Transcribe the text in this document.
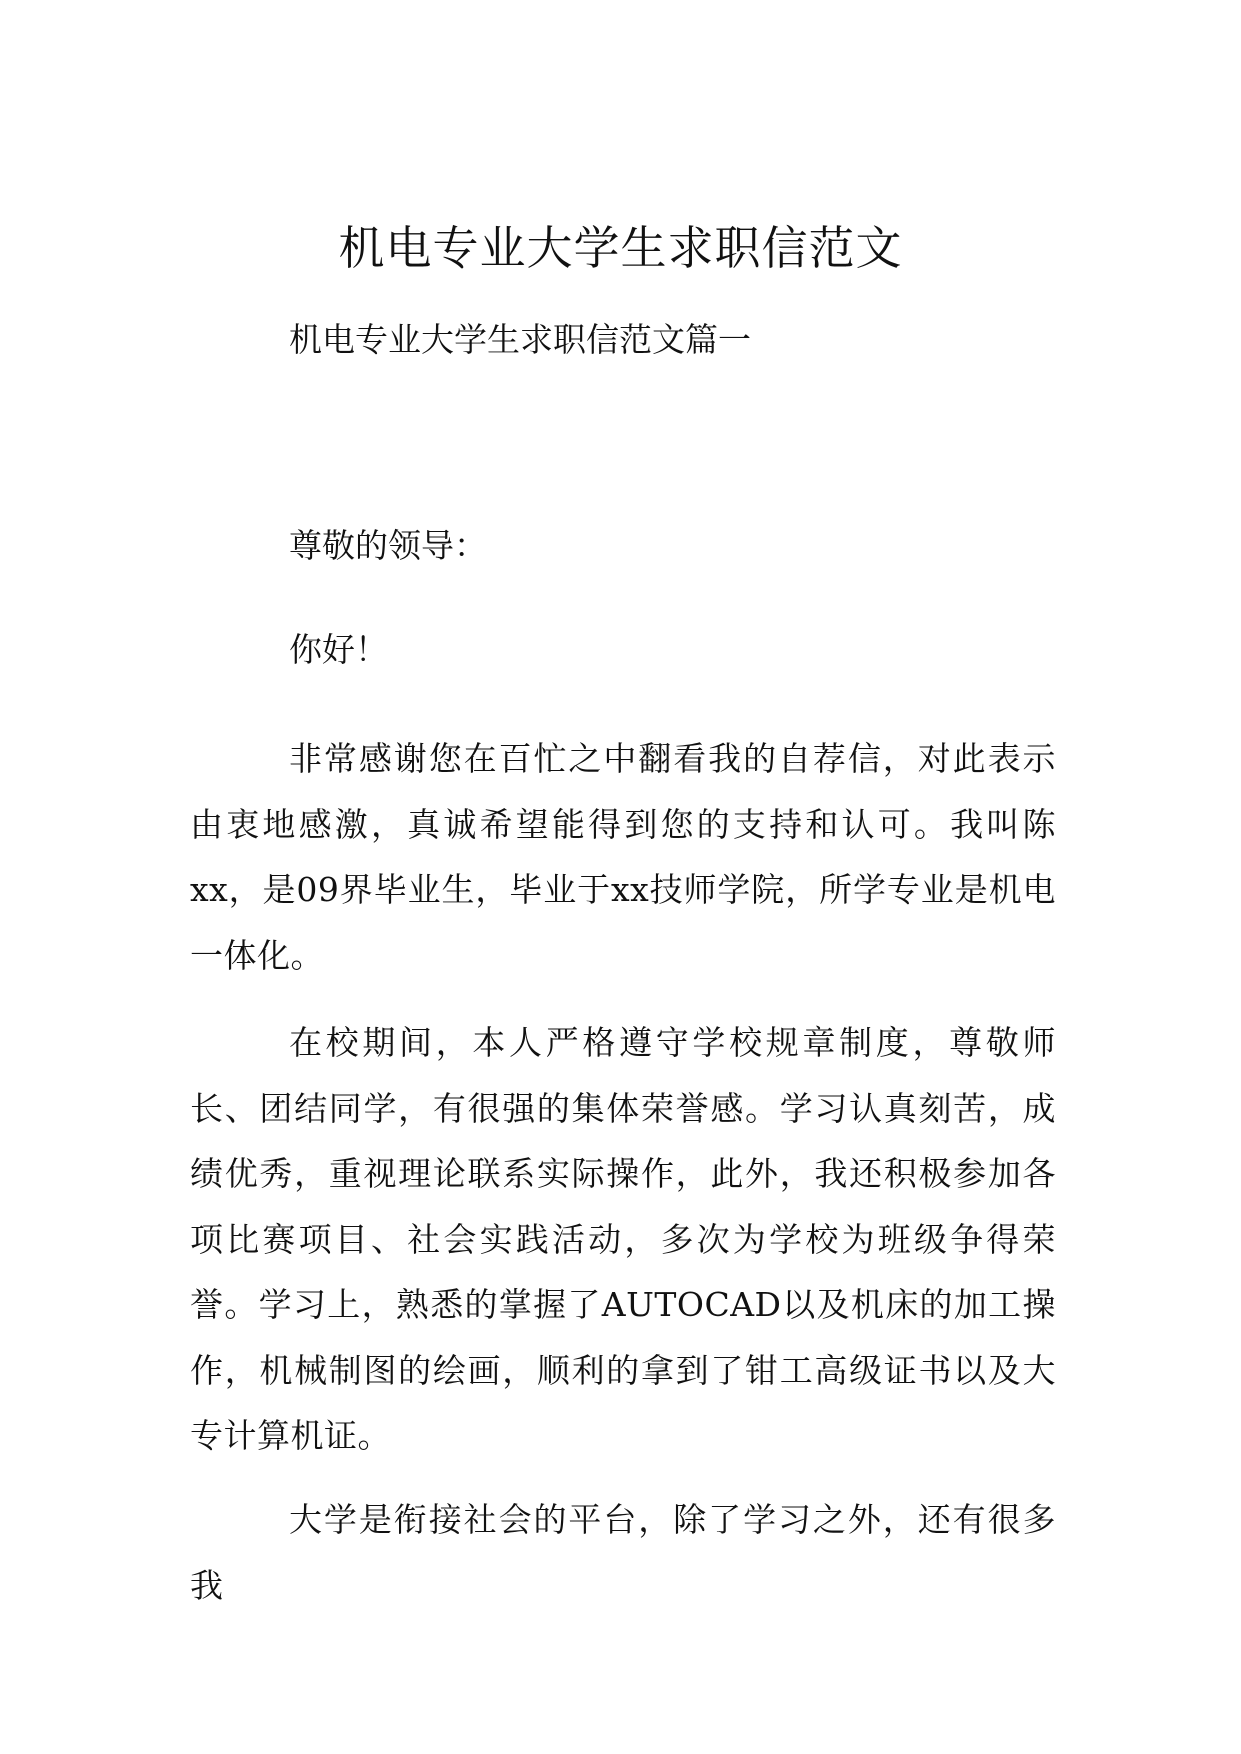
机电专业大学生求职信范文
机电专业大学生求职信范文篇一
尊敬的领导：
你好！
非常感谢您在百忙之中翻看我的自荐信，对此表示由衷地感激，真诚希望能得到您的支持和认可。我叫陈xx，是09界毕业生，毕业于xx技师学院，所学专业是机电一体化。
在校期间，本人严格遵守学校规章制度，尊敬师长、团结同学，有很强的集体荣誉感。学习认真刻苦，成绩优秀，重视理论联系实际操作，此外，我还积极参加各项比赛项目、社会实践活动，多次为学校为班级争得荣誉。学习上，熟悉的掌握了AUTOCAD以及机床的加工操作，机械制图的绘画，顺利的拿到了钳工高级证书以及大专计算机证。
大学是衔接社会的平台，除了学习之外，还有很多我
